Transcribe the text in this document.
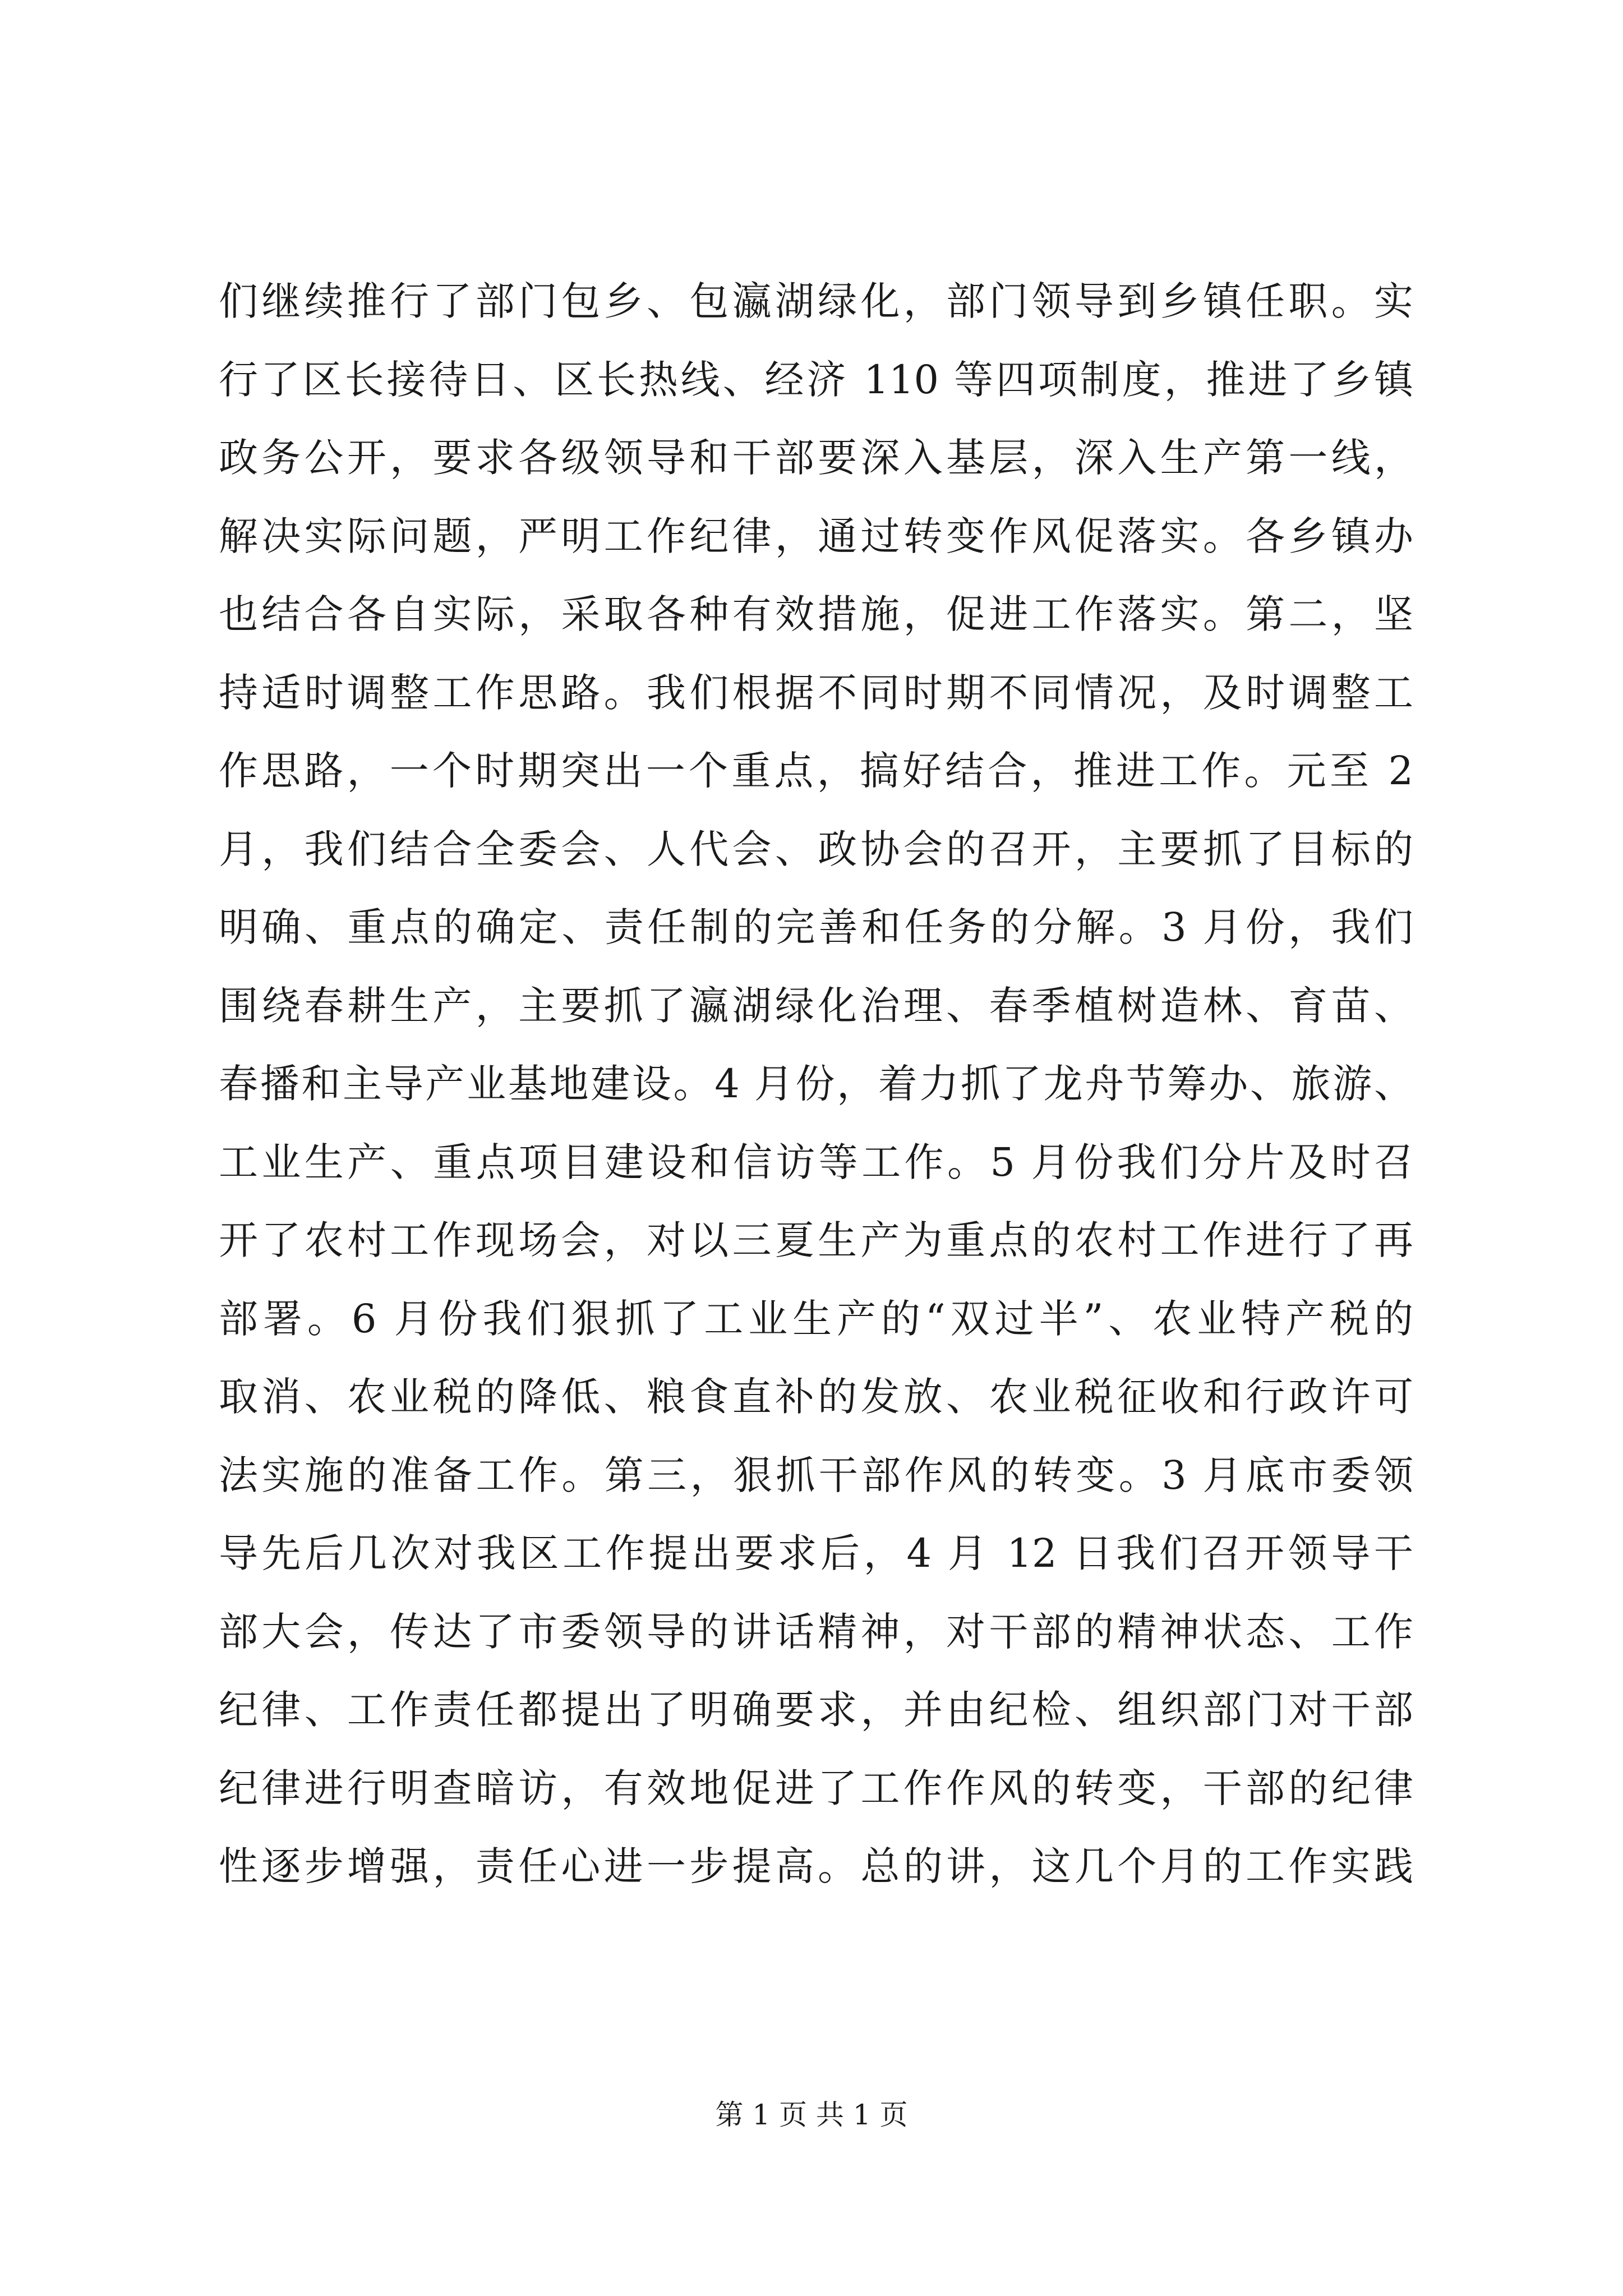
们继续推行了部门包乡、包瀛湖绿化，部门领导到乡镇任职。实
行了区长接待日、区长热线、经济 110 等四项制度，推进了乡镇
政务公开，要求各级领导和干部要深入基层，深入生产第一线，
解决实际问题，严明工作纪律，通过转变作风促落实。各乡镇办
也结合各自实际，采取各种有效措施，促进工作落实。第二，坚
持适时调整工作思路。我们根据不同时期不同情况，及时调整工
作思路，一个时期突出一个重点，搞好结合，推进工作。元至 2
月，我们结合全委会、人代会、政协会的召开，主要抓了目标的
明确、重点的确定、责任制的完善和任务的分解。3 月份，我们
围绕春耕生产，主要抓了瀛湖绿化治理、春季植树造林、育苗、
春播和主导产业基地建设。4 月份，着力抓了龙舟节筹办、旅游、
工业生产、重点项目建设和信访等工作。5 月份我们分片及时召
开了农村工作现场会，对以三夏生产为重点的农村工作进行了再
部署。6 月份我们狠抓了工业生产的“双过半”、农业特产税的
取消、农业税的降低、粮食直补的发放、农业税征收和行政许可
法实施的准备工作。第三，狠抓干部作风的转变。3 月底市委领
导先后几次对我区工作提出要求后，4 月 12 日我们召开领导干
部大会，传达了市委领导的讲话精神，对干部的精神状态、工作
纪律、工作责任都提出了明确要求，并由纪检、组织部门对干部
纪律进行明查暗访，有效地促进了工作作风的转变，干部的纪律
性逐步增强，责任心进一步提高。总的讲，这几个月的工作实践
第 1 页 共 1 页
